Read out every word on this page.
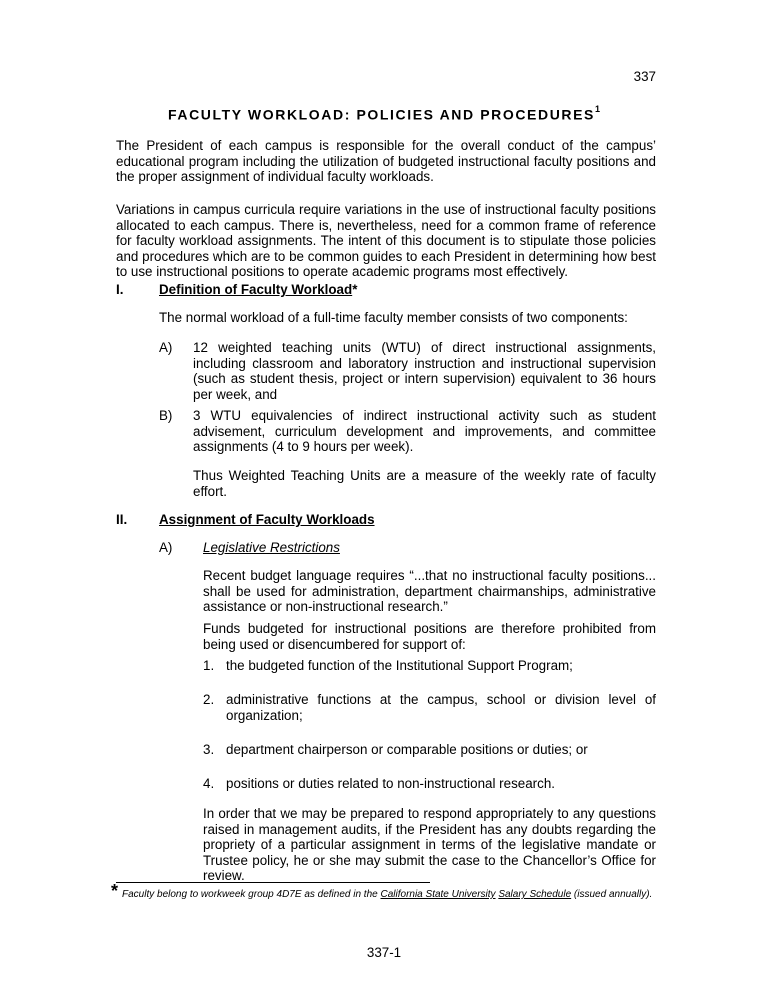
337
FACULTY WORKLOAD: POLICIES AND PROCEDURES$^1$

The President of each campus is responsible for the overall conduct of the campus’ educational program including the utilization of budgeted instructional faculty positions and the proper assignment of individual faculty workloads.

Variations in campus curricula require variations in the use of instructional faculty positions allocated to each campus. There is, nevertheless, need for a common frame of reference for faculty workload assignments. The intent of this document is to stipulate those policies and procedures which are to be common guides to each President in determining how best to use instructional positions to operate academic programs most effectively.

I.	Definition of Faculty Workload*

The normal workload of a full-time faculty member consists of two components:

A) 12 weighted teaching units (WTU) of direct instructional assignments, including classroom and laboratory instruction and instructional supervision (such as student thesis, project or intern supervision) equivalent to 36 hours per week, and

B) 3 WTU equivalencies of indirect instructional activity such as student advisement, curriculum development and improvements, and committee assignments (4 to 9 hours per week).

Thus Weighted Teaching Units are a measure of the weekly rate of faculty effort.

II. Assignment of Faculty Workloads
A) Legislative Restrictions

Recent budget language requires “...that no instructional faculty positions... shall be used for administration, department chairmanships, administrative assistance or non-instructional research.”

Funds budgeted for instructional positions are therefore prohibited from being used or disencumbered for support of:

1. the budgeted function of the Institutional Support Program;
2. administrative functions at the campus, school or division level of organization;
3. department chairperson or comparable positions or duties; or
4. positions or duties related to non-instructional research.

In order that we may be prepared to respond appropriately to any questions raised in management audits, if the President has any doubts regarding the propriety of a particular assignment in terms of the legislative mandate or Trustee policy, he or she may submit the case to the Chancellor’s Office for review.

* Faculty belong to workweek group 4D7E as defined in the California State University Salary Schedule (issued annually).
337-1
